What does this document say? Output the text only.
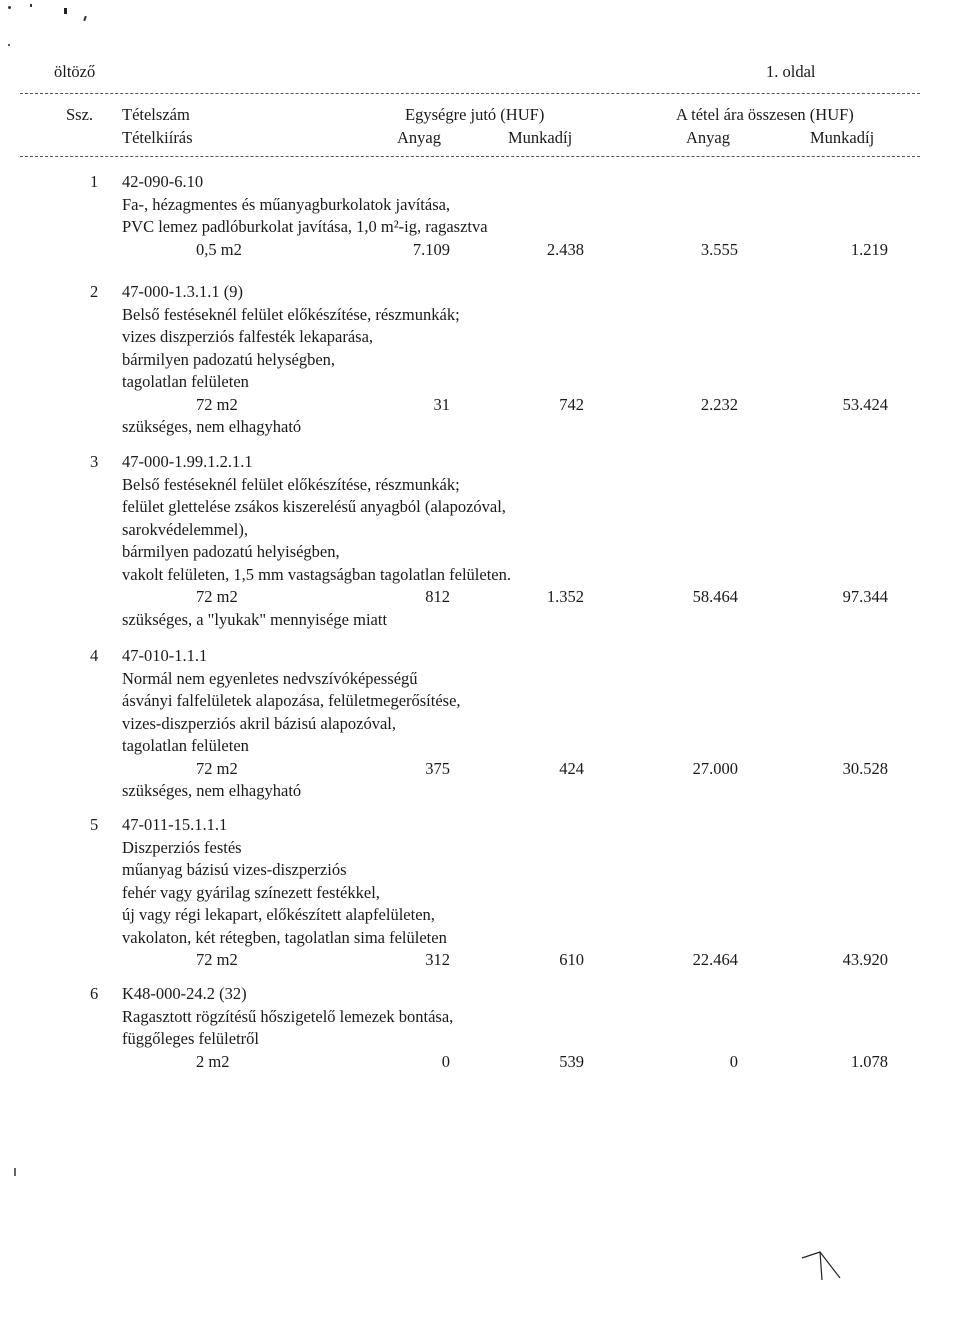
öltöző	1. oldal
Ssz. Tételszám
Tételkiírás
Egységre jutó (HUF)
Anyag	Munkadíj
A tétel ára összesen (HUF)
Anyag	Munkadíj
1 42-090-6.10
Fa-, hézagmentes és műanyagburkolatok javítása,
PVC lemez padlóburkolat javítása, 1,0 m²-ig, ragasztva
0,5 m2	7.109	2.438	3.555	1.219
2 47-000-1.3.1.1 (9)
Belső festéseknél felület előkészítése, részmunkák;
vizes diszperziós falfesték lekaparása,
bármilyen padozatú helységben,
tagolatlan felületen
72 m2	31	742	2.232	53.424
szükséges, nem elhagyható
3 47-000-1.99.1.2.1.1
Belső festéseknél felület előkészítése, részmunkák;
felület glettelése zsákos kiszerelésű anyagból (alapozóval,
sarokvédelemmel),
bármilyen padozatú helyiségben,
vakolt felületen, 1,5 mm vastagságban tagolatlan felületen.
72 m2	812	1.352	58.464	97.344
szükséges, a "lyukak" mennyisége miatt
4 47-010-1.1.1
Normál nem egyenletes nedvszívóképességű
ásványi falfelületek alapozása, felületmegerősítése,
vizes-diszperziós akril bázisú alapozóval,
tagolatlan felületen
72 m2	375	424	27.000	30.528
szükséges, nem elhagyható
5 47-011-15.1.1.1
Diszperziós festés
műanyag bázisú vizes-diszperziós
fehér vagy gyárilag színezett festékkel,
új vagy régi lekapart, előkészített alapfelületen,
vakolaton, két rétegben, tagolatlan sima felületen
72 m2	312	610	22.464	43.920
6 K48-000-24.2 (32)
Ragasztott rögzítésű hőszigetelő lemezek bontása,
függőleges felületről
2 m2	0	539	0	1.078
